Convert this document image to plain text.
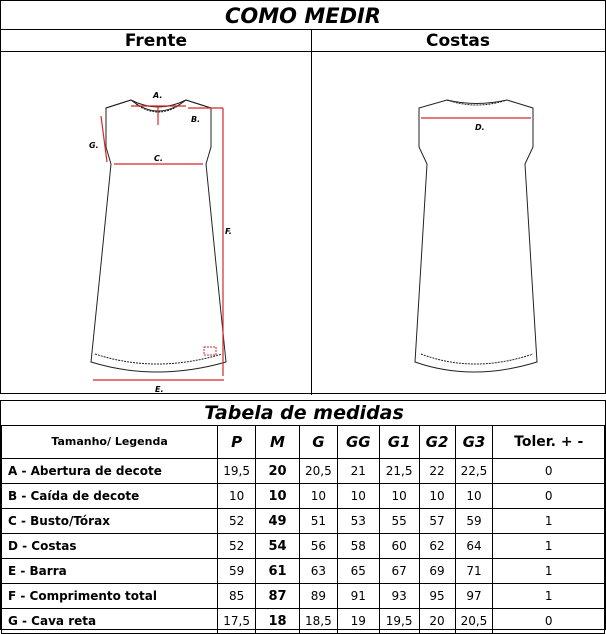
COMO MEDIR
Frente	Costas
A.
B.
C.
F.
E.
G.
D.
Tabela de medidas
Tamanho/ Legenda	P	M	G	GG	G1	G2	G3	Toler. + -
A - Abertura de decote	19,5	20	20,5	21	21,5	22	22,5	0
B - Caída de decote	10	10	10	10	10	10	10	0
C - Busto/Tórax	52	49	51	53	55	57	59	1
D - Costas	52	54	56	58	60	62	64	1
E - Barra	59	61	63	65	67	69	71	1
F - Comprimento total	85	87	89	91	93	95	97	1
G - Cava reta	17,5	18	18,5	19	19,5	20	20,5	0
